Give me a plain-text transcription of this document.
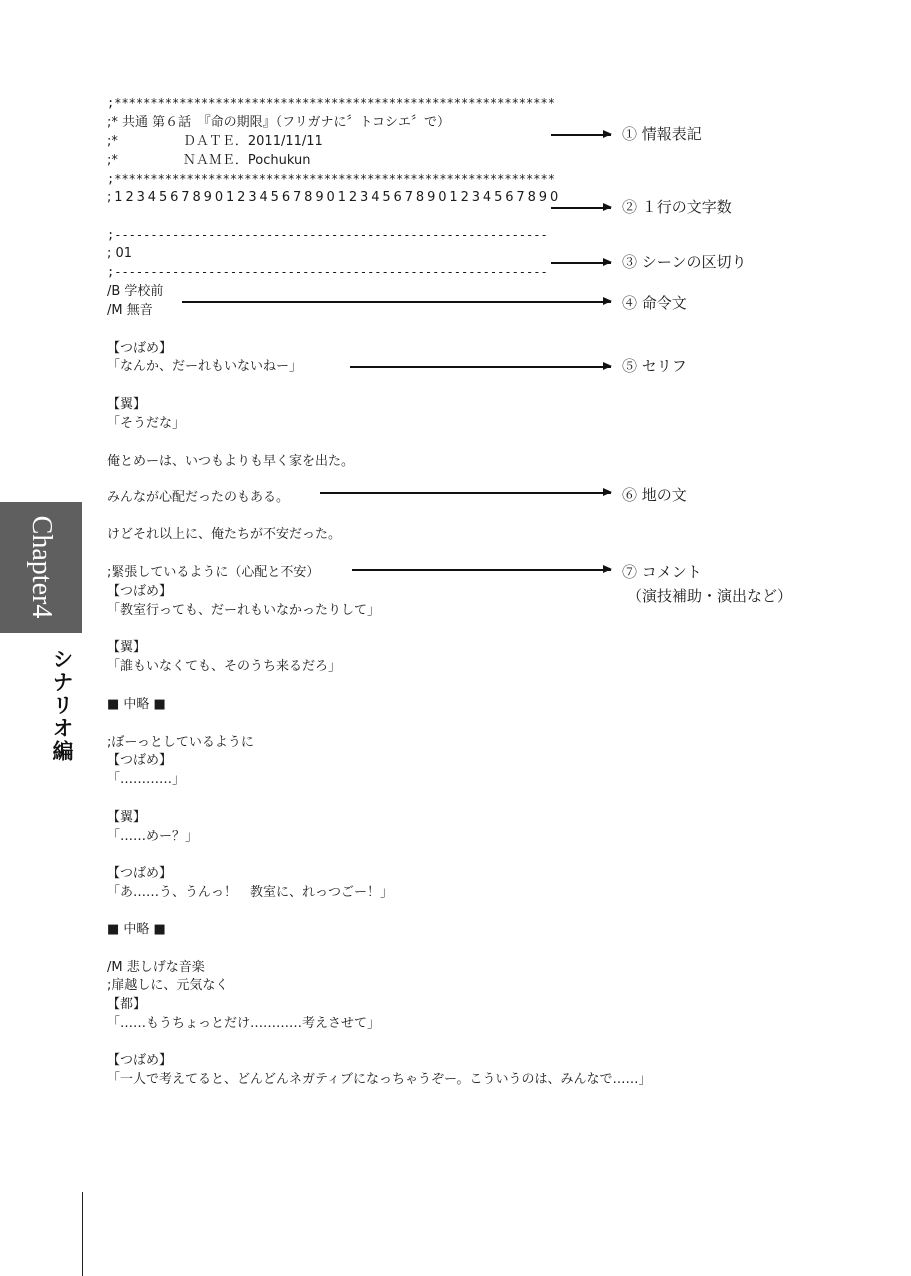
Chapter4
シナリオ編
;*************************************************************
;* 共通 第６話　『命の期限』（フリガナに〞トコシエ〞で）
;*　　　　　ＤＡＴＥ．2011/11/11
;*　　　　　ＮＡＭＥ．Pochukun
;*************************************************************
;1234567890123456789012345678901234567890
;------------------------------------------------------------
; 01
;------------------------------------------------------------
/B 学校前
/M 無音
【つばめ】
「なんか、だーれもいないねー」
【翼】
「そうだな」
俺とめーは、いつもよりも早く家を出た。
みんなが心配だったのもある。
けどそれ以上に、俺たちが不安だった。
;緊張しているように（心配と不安）
【つばめ】
「教室行っても、だーれもいなかったりして」
【翼】
「誰もいなくても、そのうち来るだろ」
■ 中略 ■
;ぼーっとしているように
【つばめ】
「…………」
【翼】
「……めー？」
【つばめ】
「あ……う、うんっ！　教室に、れっつごー！」
■ 中略 ■
/M 悲しげな音楽
;扉越しに、元気なく
【都】
「……もうちょっとだけ…………考えさせて」
【つばめ】
「一人で考えてると、どんどんネガティブになっちゃうぞー。こういうのは、みんなで……」
① 情報表記
② １行の文字数
③ シーンの区切り
④ 命令文
⑤ セリフ
⑥ 地の文
⑦ コメント
（演技補助・演出など）
